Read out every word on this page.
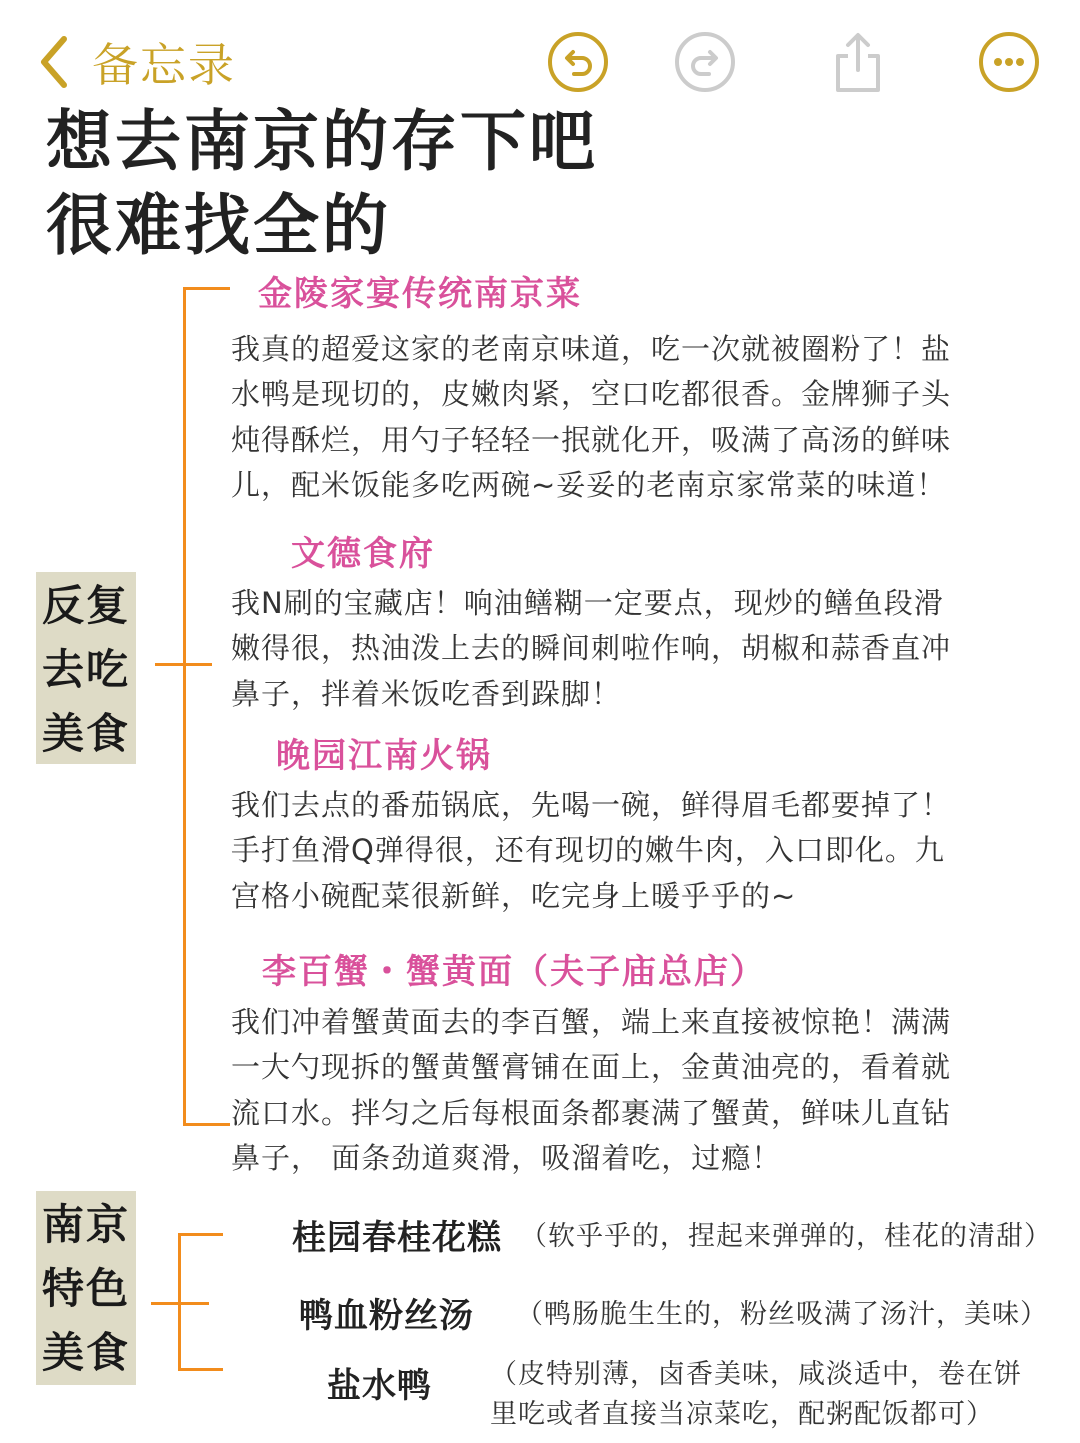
备忘录
想去南京的存下吧
很难找全的
反复
去吃
美食
金陵家宴传统南京菜
我真的超爱这家的老南京味道，吃一次就被圈粉了！盐
水鸭是现切的，皮嫩肉紧，空口吃都很香。金牌狮子头
炖得酥烂，用勺子轻轻一抿就化开，吸满了高汤的鲜味
儿，配米饭能多吃两碗~妥妥的老南京家常菜的味道！
文德食府
我N刷的宝藏店！响油鳝糊一定要点，现炒的鳝鱼段滑
嫩得很，热油泼上去的瞬间刺啦作响，胡椒和蒜香直冲
鼻子，拌着米饭吃香到跺脚！
晚园江南火锅
我们去点的番茄锅底，先喝一碗，鲜得眉毛都要掉了！
手打鱼滑Q弹得很，还有现切的嫩牛肉，入口即化。九
宫格小碗配菜很新鲜，吃完身上暖乎乎的~
李百蟹・蟹黄面（夫子庙总店）
我们冲着蟹黄面去的李百蟹，端上来直接被惊艳！满满
一大勺现拆的蟹黄蟹膏铺在面上，金黄油亮的，看着就
流口水。拌匀之后每根面条都裹满了蟹黄，鲜味儿直钻
鼻子， 面条劲道爽滑，吸溜着吃，过瘾！
南京
特色
美食
桂园春桂花糕 （软乎乎的，捏起来弹弹的，桂花的清甜）
鸭血粉丝汤 （鸭肠脆生生的，粉丝吸满了汤汁，美味）
盐水鸭 （皮特别薄，卤香美味，咸淡适中，卷在饼
里吃或者直接当凉菜吃，配粥配饭都可）
